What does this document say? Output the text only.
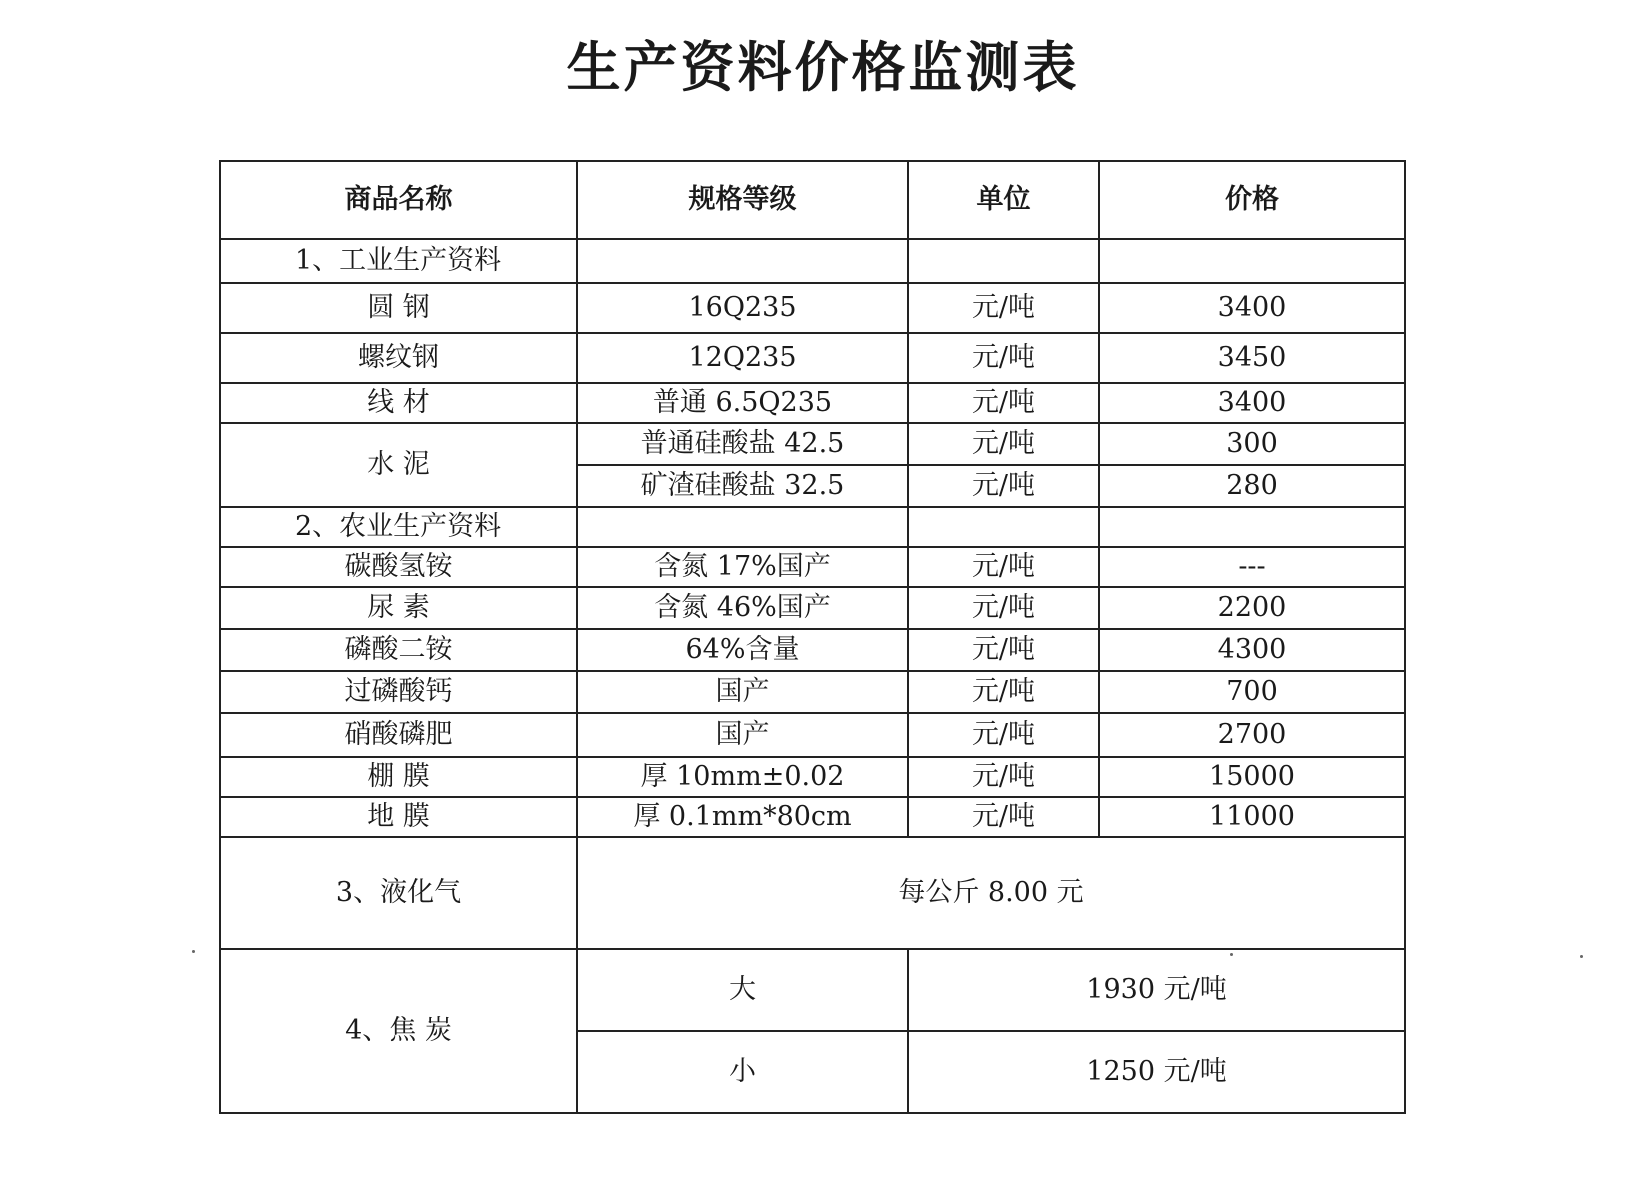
生产资料价格监测表
商品名称	规格等级	单位	价格
1、工业生产资料			
圆 钢	16Q235	元/吨	3400
螺纹钢	12Q235	元/吨	3450
线 材	普通 6.5Q235	元/吨	3400
水 泥	普通硅酸盐 42.5	元/吨	300
	矿渣硅酸盐 32.5	元/吨	280
2、农业生产资料			
碳酸氢铵	含氮 17%国产	元/吨	---
尿 素	含氮 46%国产	元/吨	2200
磷酸二铵	64%含量	元/吨	4300
过磷酸钙	国产	元/吨	700
硝酸磷肥	国产	元/吨	2700
棚 膜	厚 10mm±0.02	元/吨	15000
地 膜	厚 0.1mm*80cm	元/吨	11000
3、液化气	每公斤 8.00 元		
4、焦 炭	大	1930 元/吨	
	小	1250 元/吨	
